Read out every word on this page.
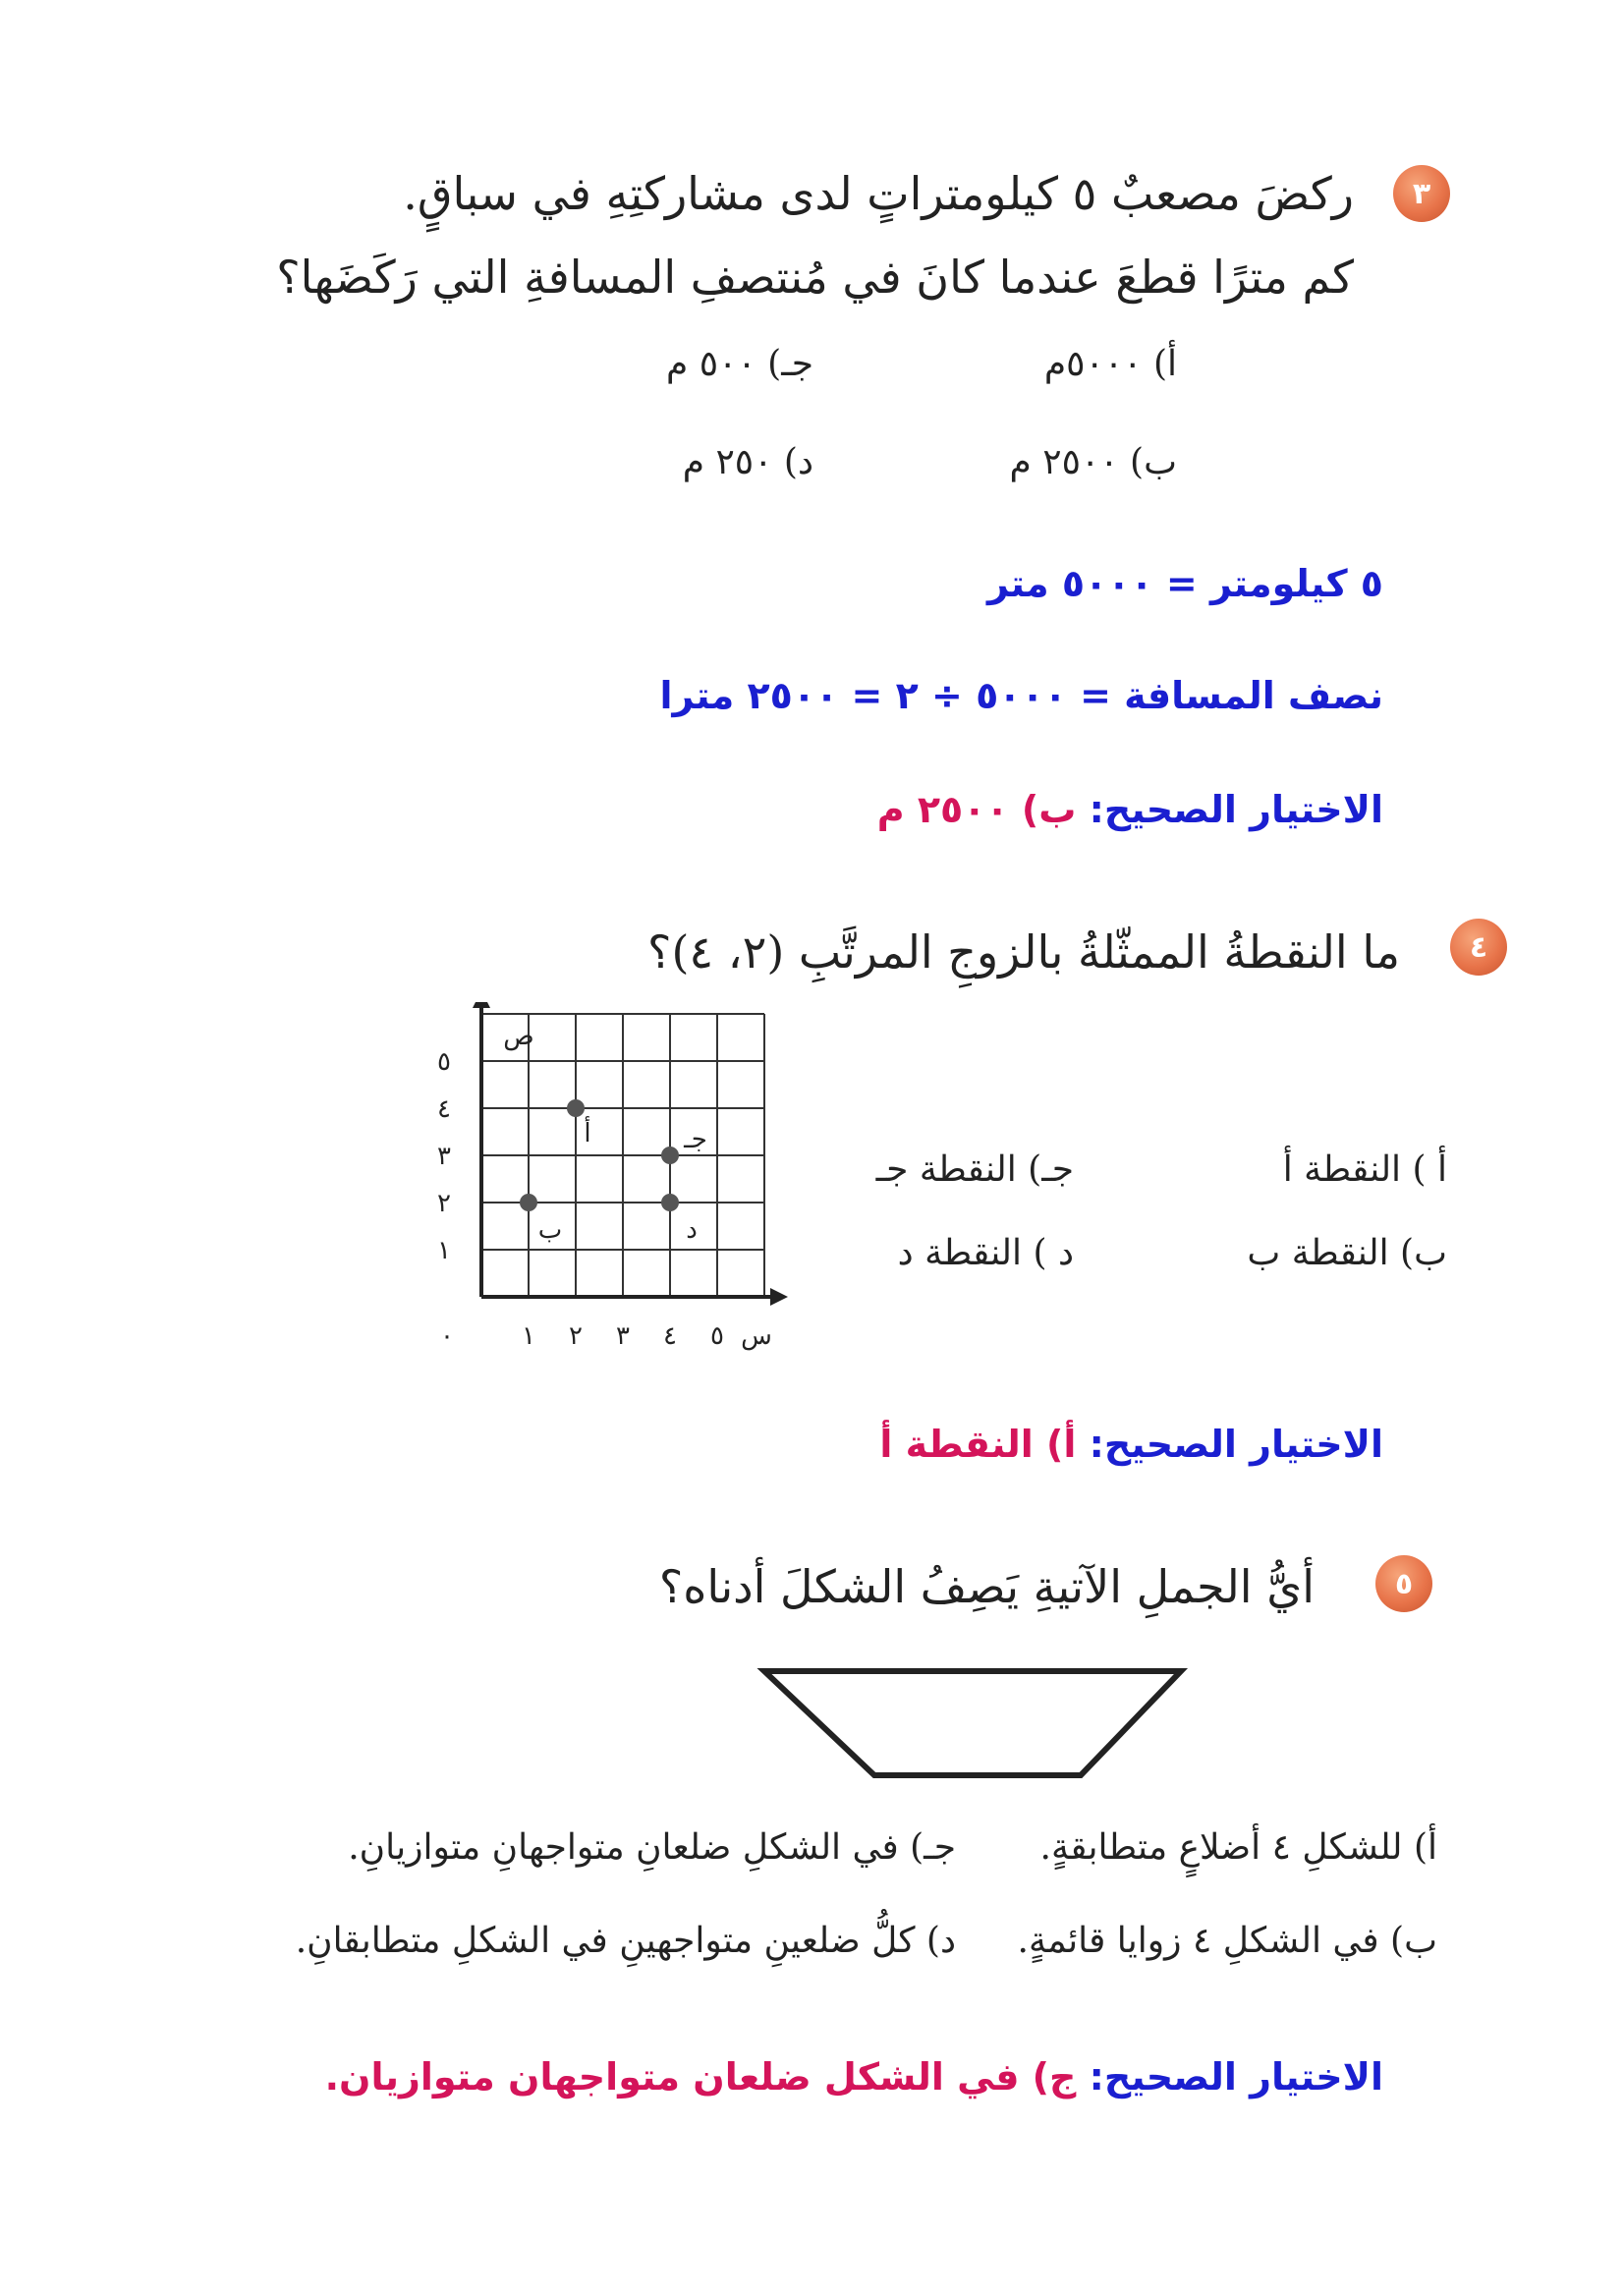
٣
ركضَ مصعبٌ ٥ كيلومتراتٍ لدى مشاركتِهِ في سباقٍ.
كم مترًا قطعَ عندما كانَ في مُنتصفِ المسافةِ التي رَكَضَها؟
أ) ٥٠٠٠م
جـ) ٥٠٠ م
ب) ٢٥٠٠ م
د) ٢٥٠ م
٥ كيلومتر = ٥٠٠٠ متر
نصف المسافة = ٥٠٠٠ ÷ ٢ = ٢٥٠٠ مترا
الاختيار الصحيح: ب) ٢٥٠٠ م
٤
ما النقطةُ الممثّلةُ بالزوجِ المرتَّبِ (٢، ٤)؟
٠	١ ٢ ٣ ٤ ٥
١
٢
٣
٤
٥
أ
ب
جـ
د
ص
س
أ ) النقطة أ
جـ) النقطة جـ
ب) النقطة ب
د ) النقطة د
الاختيار الصحيح: أ) النقطة أ
٥
أيُّ الجملِ الآتيةِ يَصِفُ الشكلَ أدناه؟
أ) للشكلِ ٤ أضلاعٍ متطابقةٍ.
جـ) في الشكلِ ضلعانِ متواجهانِ متوازيانِ.
ب) في الشكلِ ٤ زوايا قائمةٍ.
د) كلُّ ضلعينِ متواجهينِ في الشكلِ متطابقانِ.
الاختيار الصحيح: ج) في الشكل ضلعان متواجهان متوازيان.
